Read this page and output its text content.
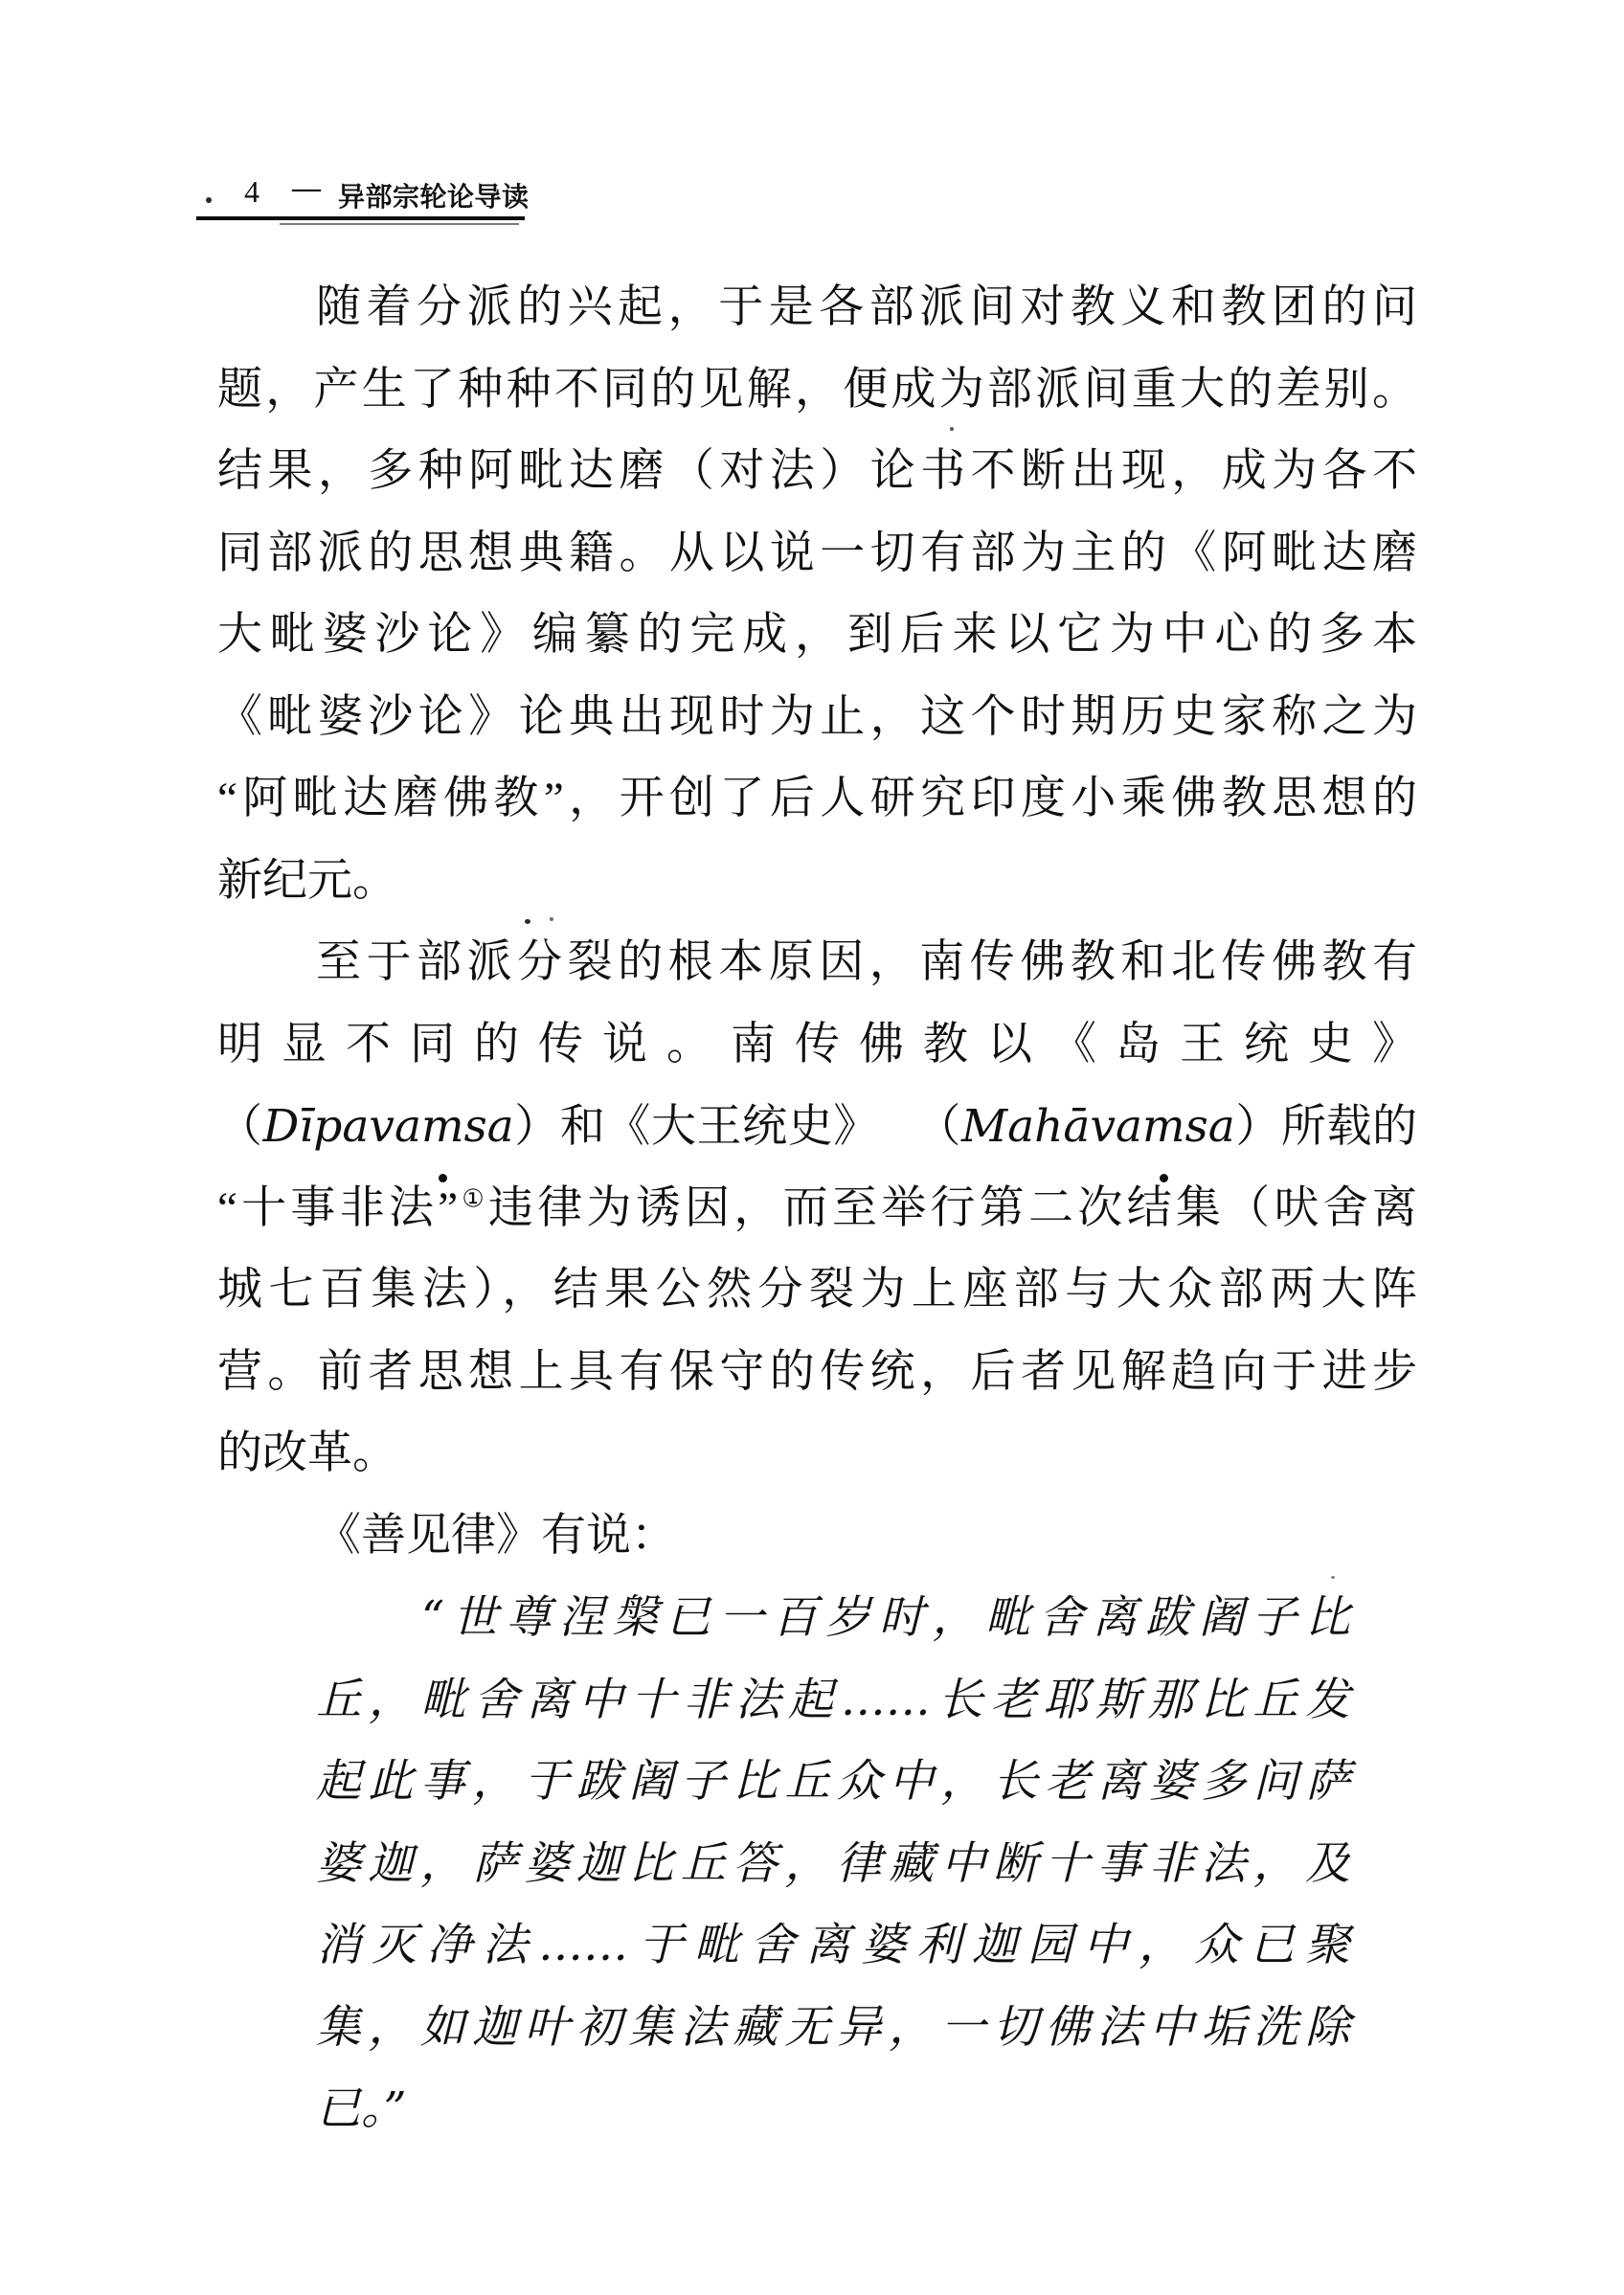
4 — 异部宗轮论导读
随着分派的兴起，于是各部派间对教义和教团的问
题，产生了种种不同的见解，便成为部派间重大的差别。
结果，多种阿毗达磨（对法）论书不断出现，成为各不
同部派的思想典籍。从以说一切有部为主的《阿毗达磨
大毗婆沙论》编纂的完成，到后来以它为中心的多本
《毗婆沙论》论典出现时为止，这个时期历史家称之为
“阿毗达磨佛教”，开创了后人研究印度小乘佛教思想的
新纪元。
至于部派分裂的根本原因，南传佛教和北传佛教有
明显不同的传说。南传佛教以《岛王统史》
（Dīpavamsa）和《大王统史》 （Mahāvamsa）所载的
“十事非法”①违律为诱因，而至举行第二次结集（吠舍离
城七百集法），结果公然分裂为上座部与大众部两大阵
营。前者思想上具有保守的传统，后者见解趋向于进步
的改革。
《善见律》有说：
“世尊涅槃已一百岁时，毗舍离跋阇子比
丘，毗舍离中十非法起……长老耶斯那比丘发
起此事，于跋阇子比丘众中，长老离婆多问萨
婆迦，萨婆迦比丘答，律藏中断十事非法，及
消灭净法……于毗舍离婆利迦园中，众已聚
集，如迦叶初集法藏无异，一切佛法中垢洗除
已。”
